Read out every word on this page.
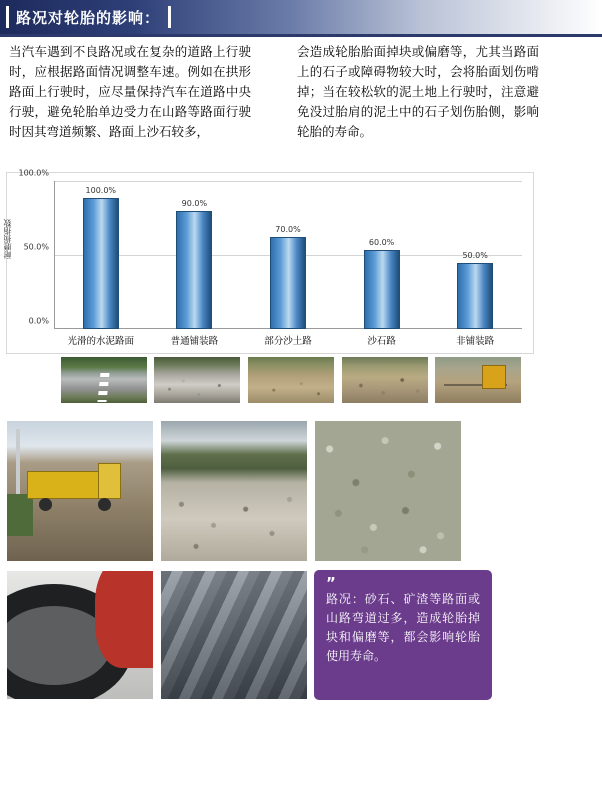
路况对轮胎的影响：
当汽车遇到不良路况或在复杂的道路上行驶时，应根据路面情况调整车速。例如在拱形路面上行驶时，应尽量保持汽车在道路中央行驶，避免轮胎单边受力在山路等路面行驶时因其弯道频繁、路面上沙石较多，
会造成轮胎胎面掉块或偏磨等，尤其当路面上的石子或障碍物较大时，会将胎面划伤啃掉；当在较松软的泥土地上行驶时，注意避免没过胎肩的泥土中的石子划伤胎侧，影响轮胎的寿命。
耐磨损指数
100.0%
50.0%
0.0%
100.0%
90.0%
70.0%
60.0%
50.0%
光滑的水泥路面	普通铺装路	部分沙土路	沙石路	非铺装路
”
路况：砂石、矿渣等路面或山路弯道过多，造成轮胎掉块和偏磨等，都会影响轮胎使用寿命。
